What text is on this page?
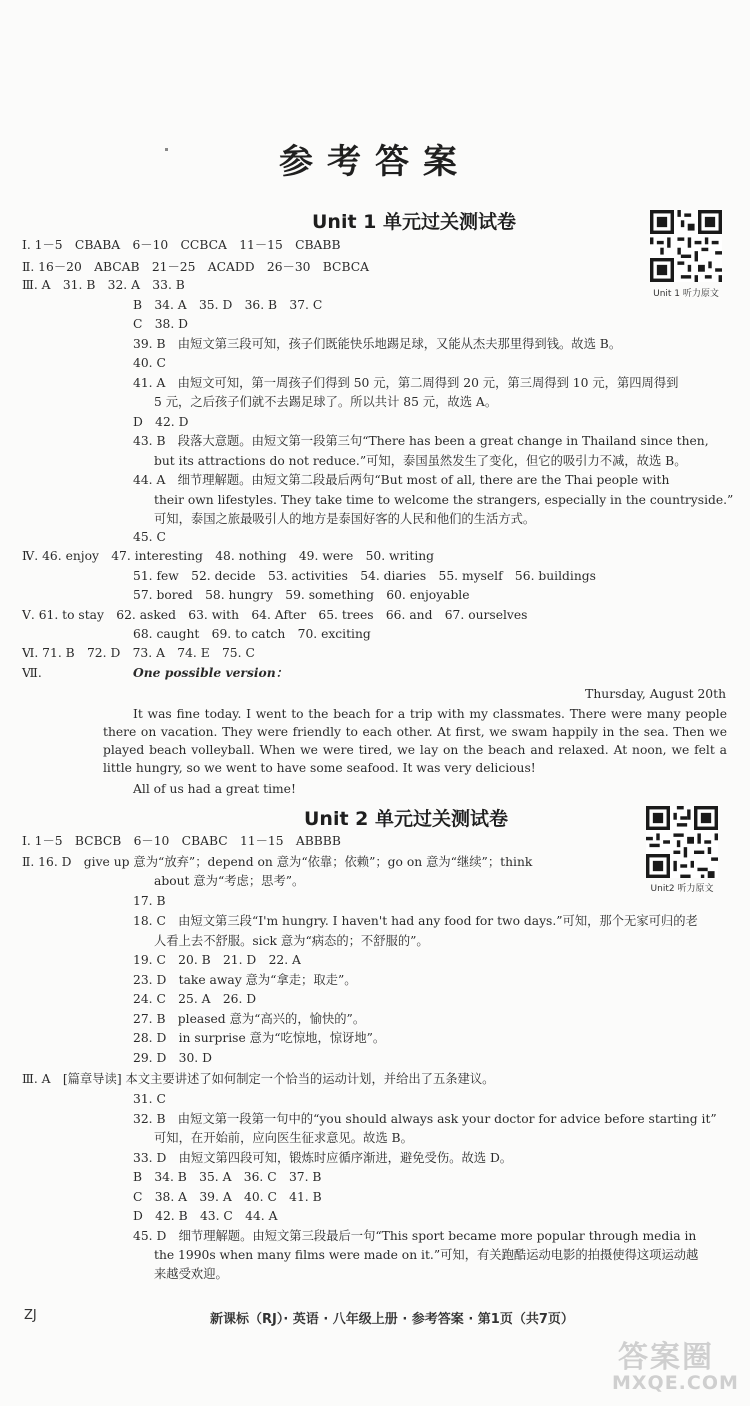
参考答案
Unit 1 单元过关测试卷
Unit 1 听力原文
Ⅰ. 1－5　CBABA　6－10　CCBCA　11－15　CBABB
Ⅱ. 16－20　ABCAB　21－25　ACADD　26－30　BCBCA
Ⅲ. A　31. B　32. A　33. B
B　34. A　35. D　36. B　37. C
C　38. D
39. B　由短文第三段可知，孩子们既能快乐地踢足球，又能从杰夫那里得到钱。故选 B。
40. C
41. A　由短文可知，第一周孩子们得到 50 元，第二周得到 20 元，第三周得到 10 元，第四周得到
5 元，之后孩子们就不去踢足球了。所以共计 85 元，故选 A。
D　42. D
43. B　段落大意题。由短文第一段第三句“There has been a great change in Thailand since then,
but its attractions do not reduce.”可知，泰国虽然发生了变化，但它的吸引力不减，故选 B。
44. A　细节理解题。由短文第二段最后两句“But most of all, there are the Thai people with
their own lifestyles. They take time to welcome the strangers, especially in the countryside.”
可知，泰国之旅最吸引人的地方是泰国好客的人民和他们的生活方式。
45. C
Ⅳ. 46. enjoy　47. interesting　48. nothing　49. were　50. writing
51. few　52. decide　53. activities　54. diaries　55. myself　56. buildings
57. bored　58. hungry　59. something　60. enjoyable
Ⅴ. 61. to stay　62. asked　63. with　64. After　65. trees　66. and　67. ourselves
68. caught　69. to catch　70. exciting
Ⅵ. 71. B　72. D　73. A　74. E　75. C
Ⅶ.	One possible version：
Thursday, August 20th
It was fine today. I went to the beach for a trip with my classmates. There were many people there on vacation. They were friendly to each other. At first, we swam happily in the sea. Then we played beach volleyball. When we were tired, we lay on the beach and relaxed. At noon, we felt a little hungry, so we went to have some seafood. It was very delicious!
All of us had a great time!
Unit 2 单元过关测试卷
Unit2 听力原文
Ⅰ. 1－5　BCBCB　6－10　CBABC　11－15　ABBBB
Ⅱ. 16. D　give up 意为“放弃”；depend on 意为“依靠；依赖”；go on 意为“继续”；think
about 意为“考虑；思考”。
17. B
18. C　由短文第三段“I'm hungry. I haven't had any food for two days.”可知，那个无家可归的老
人看上去不舒服。sick 意为“病态的；不舒服的”。
19. C　20. B　21. D　22. A
23. D　take away 意为“拿走；取走”。
24. C　25. A　26. D
27. B　pleased 意为“高兴的，愉快的”。
28. D　in surprise 意为“吃惊地，惊讶地”。
29. D　30. D
Ⅲ. A　[篇章导读] 本文主要讲述了如何制定一个恰当的运动计划，并给出了五条建议。
31. C
32. B　由短文第一段第一句中的“you should always ask your doctor for advice before starting it”
可知，在开始前，应向医生征求意见。故选 B。
33. D　由短文第四段可知，锻炼时应循序渐进，避免受伤。故选 D。
B　34. B　35. A　36. C　37. B
C　38. A　39. A　40. C　41. B
D　42. B　43. C　44. A
45. D　细节理解题。由短文第三段最后一句“This sport became more popular through media in
the 1990s when many films were made on it.”可知，有关跑酷运动电影的拍摄使得这项运动越
来越受欢迎。
ZJ	新课标（RJ）· 英语 · 八年级上册 · 参考答案 · 第1页（共7页）
答案圈
MXQE.COM
